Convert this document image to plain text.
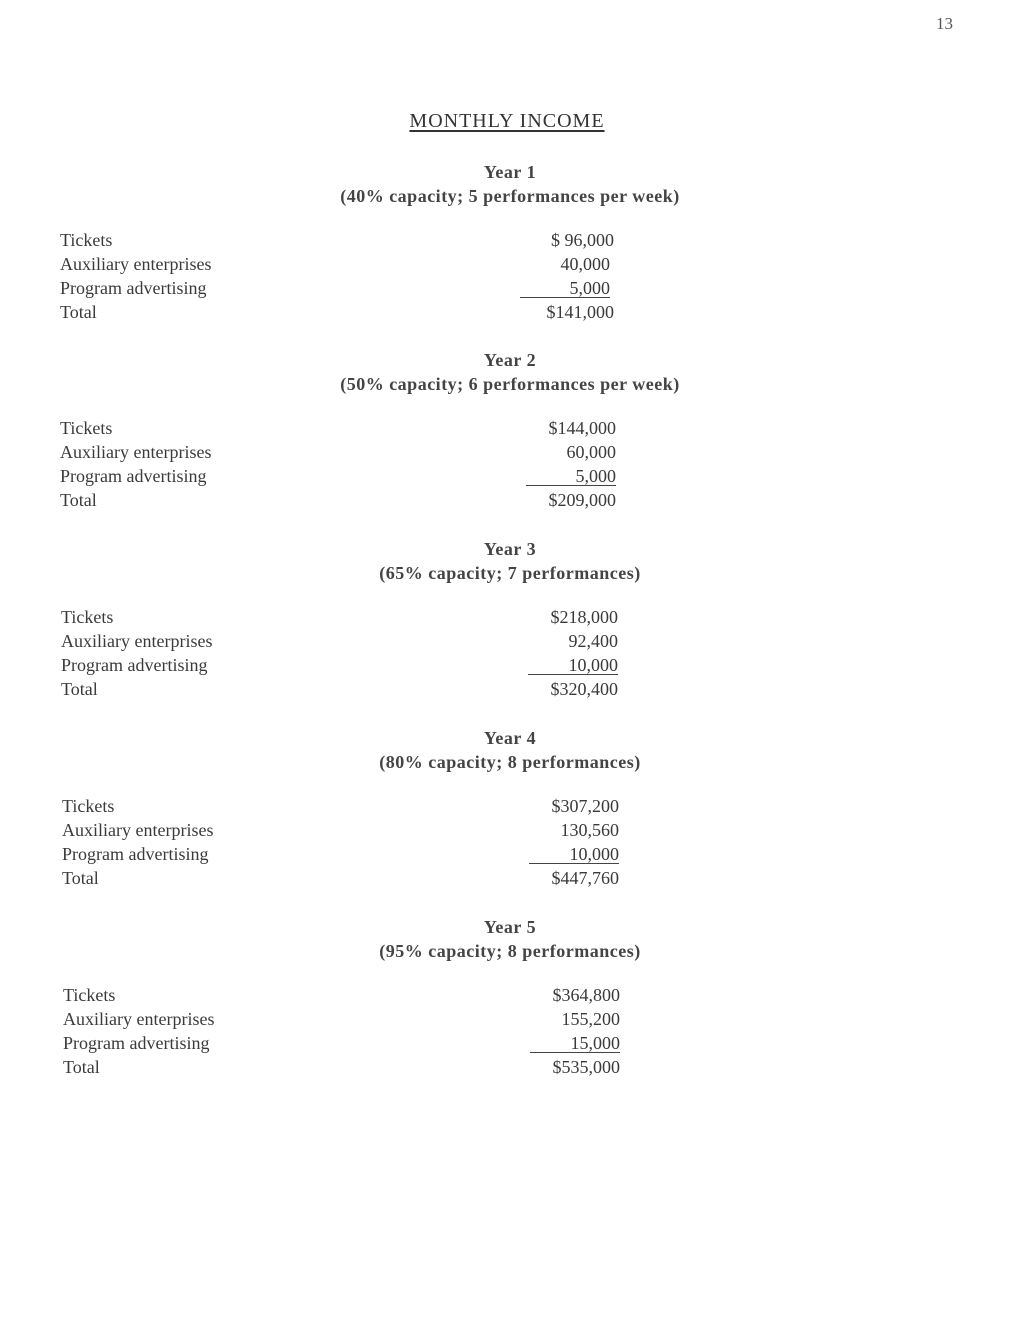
13
MONTHLY INCOME
Year 1
(40% capacity; 5 performances per week)
Tickets	$ 96,000
Auxiliary enterprises	40,000
Program advertising	5,000
Total	$141,000
Year 2
(50% capacity; 6 performances per week)
Tickets	$144,000
Auxiliary enterprises	60,000
Program advertising	5,000
Total	$209,000
Year 3
(65% capacity; 7 performances)
Tickets	$218,000
Auxiliary enterprises	92,400
Program advertising	10,000
Total	$320,400
Year 4
(80% capacity; 8 performances)
Tickets	$307,200
Auxiliary enterprises	130,560
Program advertising	10,000
Total	$447,760
Year 5
(95% capacity; 8 performances)
Tickets	$364,800
Auxiliary enterprises	155,200
Program advertising	15,000
Total	$535,000
